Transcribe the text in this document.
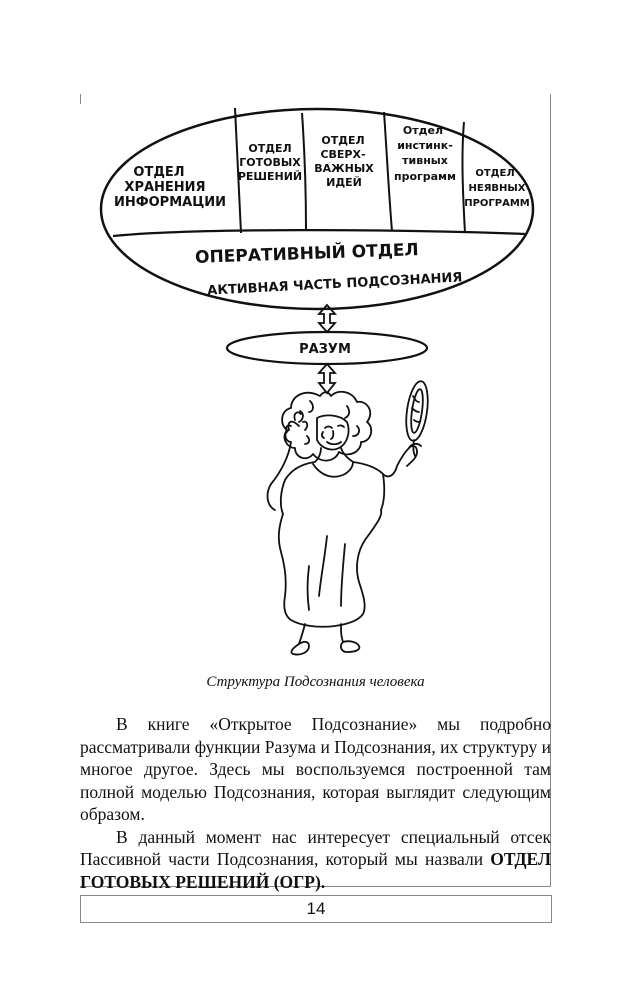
ОТДЕЛ
ХРАНЕНИЯ
ИНФОРМАЦИИ
ОТДЕЛ
ГОТОВЫХ
РЕШЕНИЙ
ОТДЕЛ
СВЕРХ-
ВАЖНЫХ
ИДЕЙ
Отдел
инстинк-
тивных
программ ОТДЕЛ
НЕЯВНЫХ
ПРОГРАММ
ОПЕРАТИВНЫЙ ОТДЕЛ
АКТИВНАЯ ЧАСТЬ ПОДСОЗНАНИЯ
РАЗУМ
Структура Подсознания человека

В книге «Открытое Подсознание» мы подробно рассматривали функции Разума и Подсознания, их структуру и многое другое. Здесь мы воспользуемся построенной там полной моделью Подсознания, которая выглядит следующим образом.

В данный момент нас интересует специальный отсек Пассивной части Подсознания, который мы назвали ОТДЕЛ ГОТОВЫХ РЕШЕНИЙ (ОГР).

14
